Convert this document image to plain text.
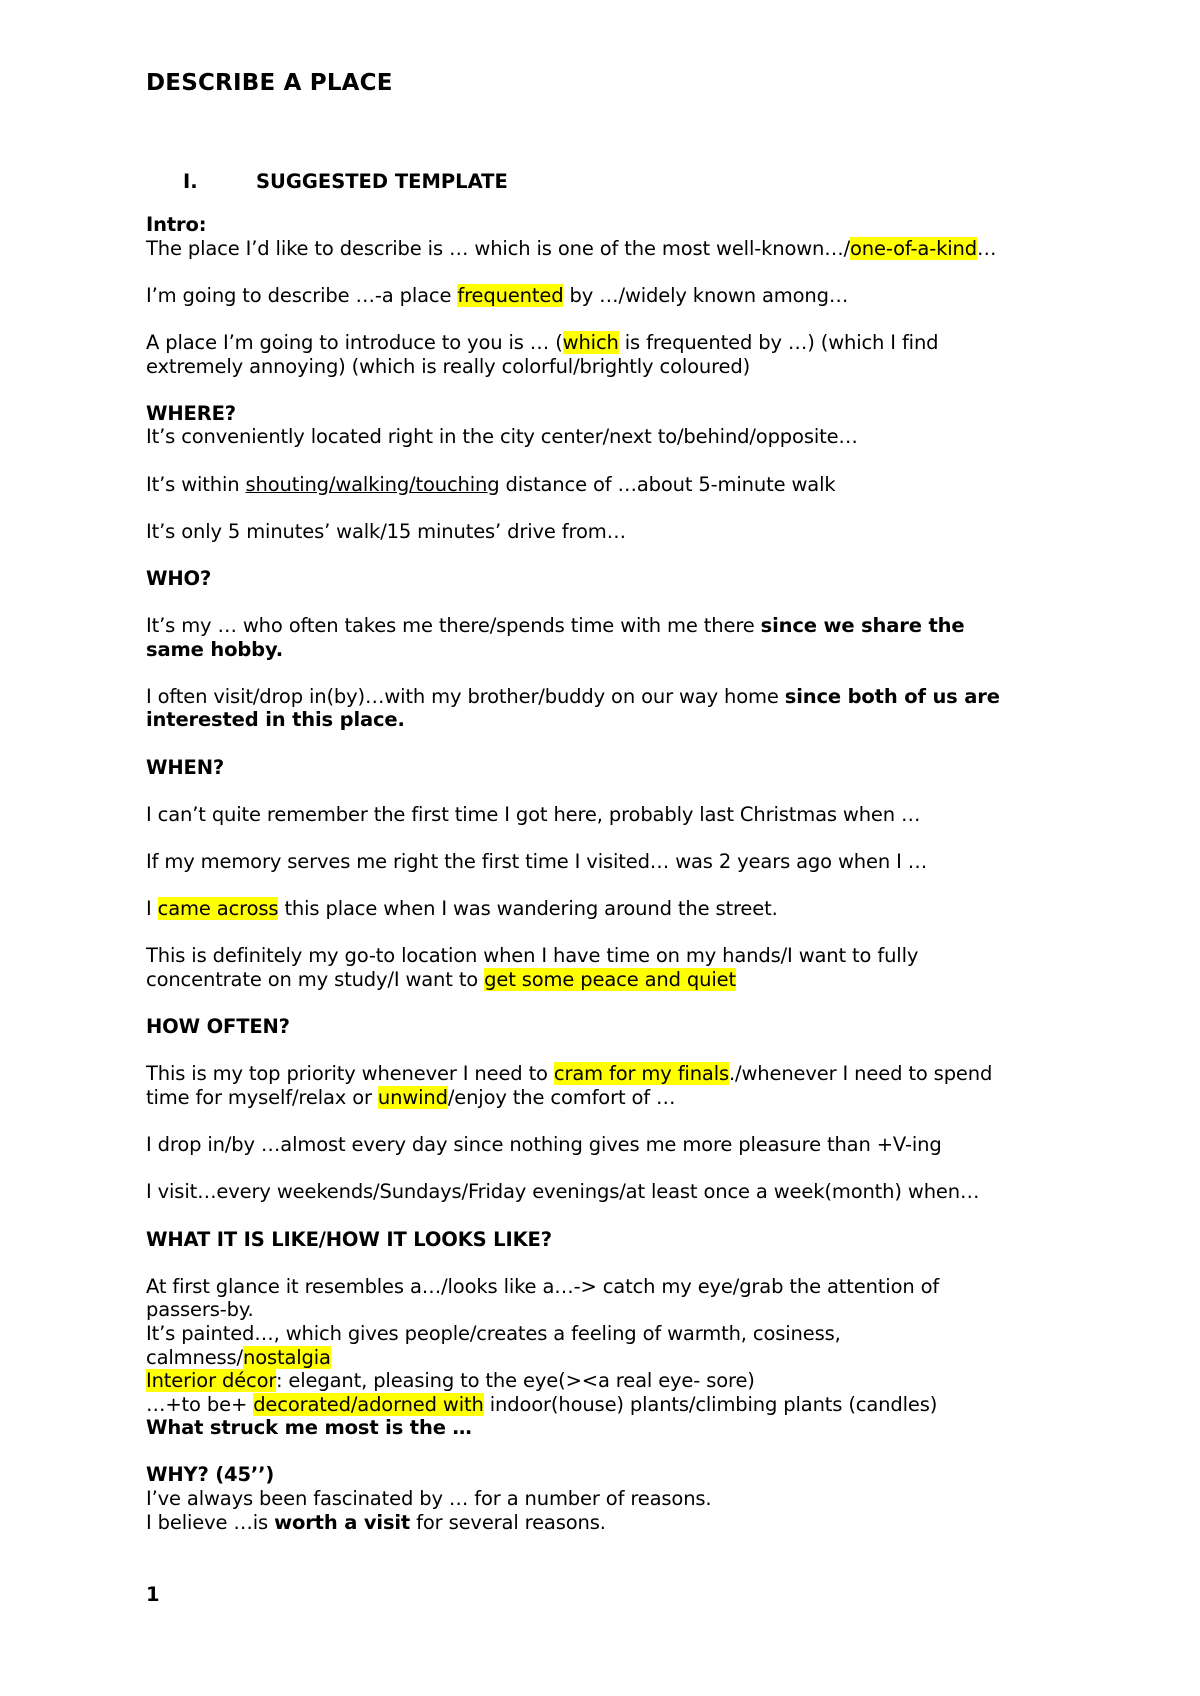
DESCRIBE A PLACE
I.	SUGGESTED TEMPLATE

Intro:

The place I’d like to describe is … which is one of the most well-known…/one-of-a-kind…

I’m going to describe …-a place frequented by …/widely known among…

A place I’m going to introduce to you is … (which is frequented by …) (which I find

extremely annoying) (which is really colorful/brightly coloured)

WHERE?

It’s conveniently located right in the city center/next to/behind/opposite…

It’s within shouting/walking/touching distance of …about 5-minute walk

It’s only 5 minutes’ walk/15 minutes’ drive from…

WHO?

It’s my … who often takes me there/spends time with me there since we share the

same hobby.

I often visit/drop in(by)…with my brother/buddy on our way home since both of us are

interested in this place.

WHEN?

I can’t quite remember the first time I got here, probably last Christmas when …

If my memory serves me right the first time I visited… was 2 years ago when I …

I came across this place when I was wandering around the street.

This is definitely my go-to location when I have time on my hands/I want to fully

concentrate on my study/I want to get some peace and quiet

HOW OFTEN?

This is my top priority whenever I need to cram for my finals./whenever I need to spend

time for myself/relax or unwind/enjoy the comfort of …

I drop in/by …almost every day since nothing gives me more pleasure than +V-ing

I visit…every weekends/Sundays/Friday evenings/at least once a week(month) when…

WHAT IT IS LIKE/HOW IT LOOKS LIKE?

At first glance it resembles a…/looks like a…-> catch my eye/grab the attention of

passers-by.

It’s painted…, which gives people/creates a feeling of warmth, cosiness,

calmness/nostalgia

Interior décor: elegant, pleasing to the eye(><a real eye- sore)

…+to be+ decorated/adorned with indoor(house) plants/climbing plants (candles)

What struck me most is the …

WHY? (45’’)

I’ve always been fascinated by … for a number of reasons.

I believe …is worth a visit for several reasons.

1
